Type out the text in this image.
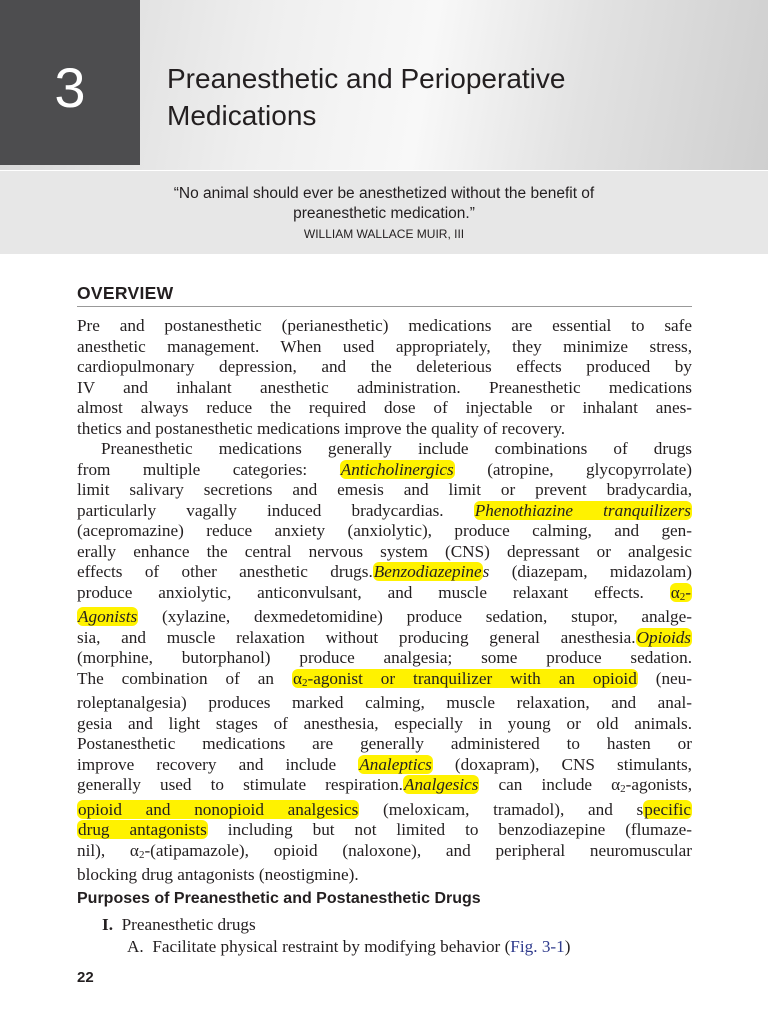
3	Preanesthetic and Perioperative
Medications
“No animal should ever be anesthetized without the benefit of
preanesthetic medication.”
WILLIAM WALLACE MUIR, III
OVERVIEW
Pre and postanesthetic (perianesthetic) medications are essential to safe
anesthetic management. When used appropriately, they minimize stress,
cardiopulmonary depression, and the deleterious effects produced by
IV and inhalant anesthetic administration. Preanesthetic medications
almost always reduce the required dose of injectable or inhalant anes-
thetics and postanesthetic medications improve the quality of recovery.
Preanesthetic medications generally include combinations of drugs
from multiple categories: Anticholinergics (atropine, glycopyrrolate)
limit salivary secretions and emesis and limit or prevent bradycardia,
particularly vagally induced bradycardias. Phenothiazine tranquilizers
(acepromazine) reduce anxiety (anxiolytic), produce calming, and gen-
erally enhance the central nervous system (CNS) depressant or analgesic
effects of other anesthetic drugs.Benzodiazepines (diazepam, midazolam)
produce anxiolytic, anticonvulsant, and muscle relaxant effects. α2-
Agonists (xylazine, dexmedetomidine) produce sedation, stupor, analge-
sia, and muscle relaxation without producing general anesthesia.Opioids
(morphine, butorphanol) produce analgesia; some produce sedation.
The combination of an α2-agonist or tranquilizer with an opioid (neu-
roleptanalgesia) produces marked calming, muscle relaxation, and anal-
gesia and light stages of anesthesia, especially in young or old animals.
Postanesthetic medications are generally administered to hasten or
improve recovery and include Analeptics (doxapram), CNS stimulants,
generally used to stimulate respiration.Analgesics can include α2-agonists,
opioid and nonopioid analgesics (meloxicam, tramadol), and specific
drug antagonists including but not limited to benzodiazepine (flumaze-
nil), α2-(atipamazole), opioid (naloxone), and peripheral neuromuscular
blocking drug antagonists (neostigmine).
Purposes of Preanesthetic and Postanesthetic Drugs
I. Preanesthetic drugs
A. Facilitate physical restraint by modifying behavior (Fig. 3-1)
22
